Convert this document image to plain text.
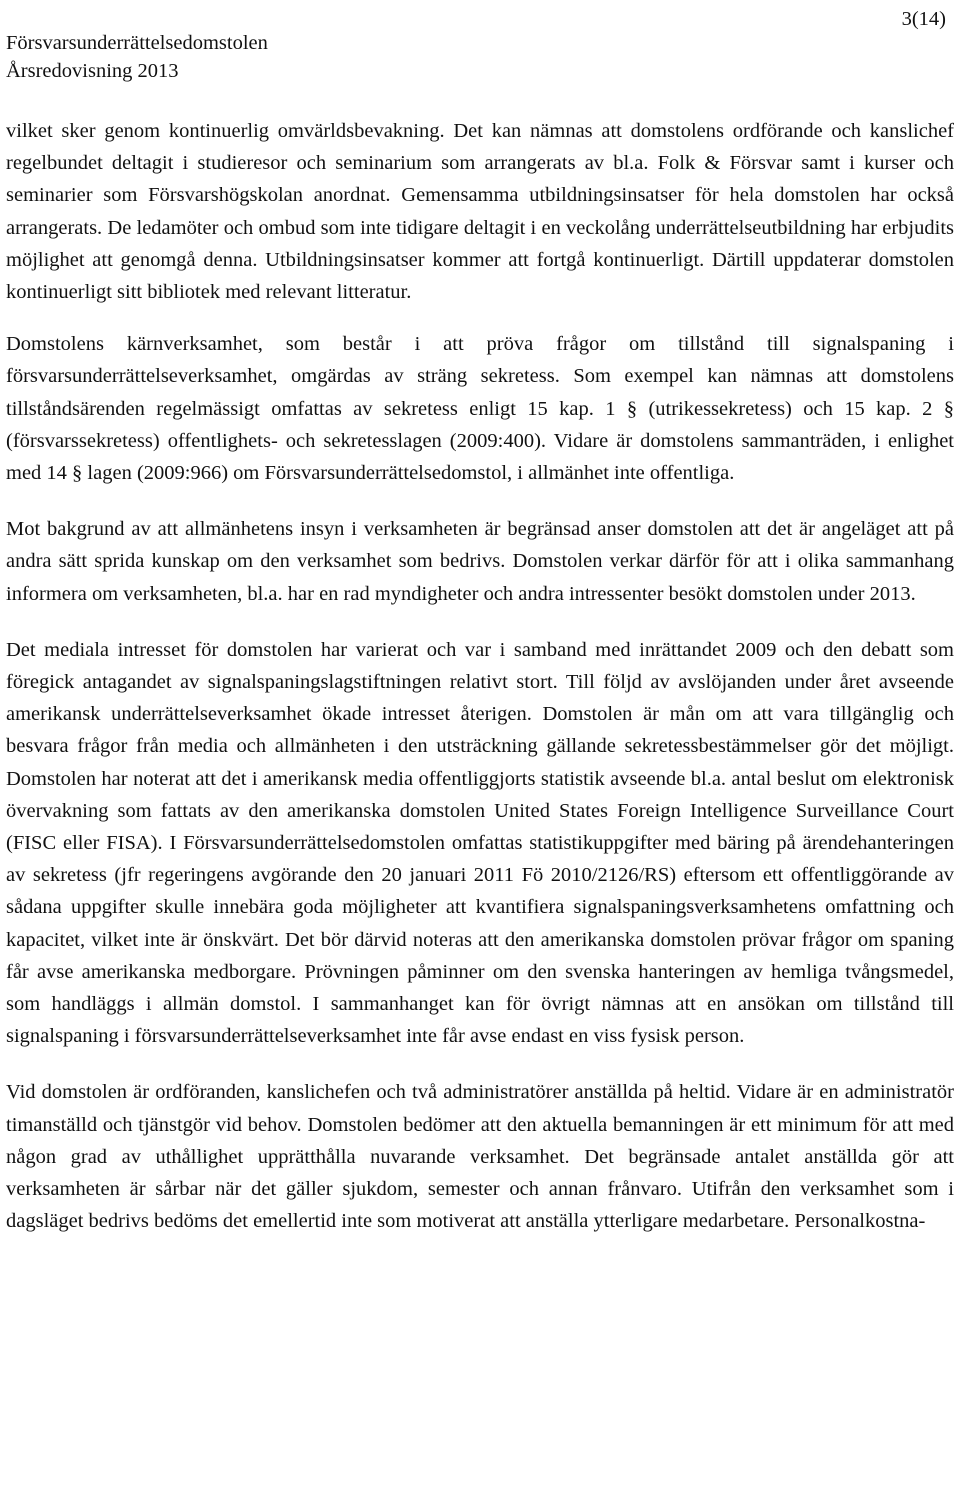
Försvarsunderrättelsedomstolen
Årsredovisning 2013
3(14)

vilket sker genom kontinuerlig omvärldsbevakning. Det kan nämnas att domstolens ordförande och kanslichef regelbundet deltagit i studieresor och seminarium som arrangerats av bl.a. Folk & Försvar samt i kurser och seminarier som Försvarshögskolan anordnat. Gemensamma utbildningsinsatser för hela domstolen har också arrangerats. De ledamöter och ombud som inte tidigare deltagit i en veckolång underrättelseutbildning har erbjudits möjlighet att genomgå denna. Utbildningsinsatser kommer att fortgå kontinuerligt. Därtill uppdaterar domstolen kontinuerligt sitt bibliotek med relevant litteratur.

Domstolens kärnverksamhet, som består i att pröva frågor om tillstånd till signalspaning i försvarsunderrättelseverksamhet, omgärdas av sträng sekretess. Som exempel kan nämnas att domstolens tillståndsärenden regelmässigt omfattas av sekretess enligt 15 kap. 1 § (utrikessekretess) och 15 kap. 2 § (försvarssekretess) offentlighets- och sekretesslagen (2009:400). Vidare är domstolens sammanträden, i enlighet med 14 § lagen (2009:966) om Försvarsunderrättelsedomstol, i allmänhet inte offentliga.

Mot bakgrund av att allmänhetens insyn i verksamheten är begränsad anser domstolen att det är angeläget att på andra sätt sprida kunskap om den verksamhet som bedrivs. Domstolen verkar därför för att i olika sammanhang informera om verksamheten, bl.a. har en rad myndigheter och andra intressenter besökt domstolen under 2013.

Det mediala intresset för domstolen har varierat och var i samband med inrättandet 2009 och den debatt som föregick antagandet av signalspaningslagstiftningen relativt stort. Till följd av avslöjanden under året avseende amerikansk underrättelseverksamhet ökade intresset återigen. Domstolen är mån om att vara tillgänglig och besvara frågor från media och allmänheten i den utsträckning gällande sekretessbestämmelser gör det möjligt. Domstolen har noterat att det i amerikansk media offentliggjorts statistik avseende bl.a. antal beslut om elektronisk övervakning som fattats av den amerikanska domstolen United States Foreign Intelligence Surveillance Court (FISC eller FISA). I Försvarsunderrättelsedomstolen omfattas statistikuppgifter med bäring på ärendehanteringen av sekretess (jfr regeringens avgörande den 20 januari 2011 Fö 2010/2126/RS) eftersom ett offentliggörande av sådana uppgifter skulle innebära goda möjligheter att kvantifiera signalspaningsverksamhetens omfattning och kapacitet, vilket inte är önskvärt. Det bör därvid noteras att den amerikanska domstolen prövar frågor om spaning får avse amerikanska medborgare. Prövningen påminner om den svenska hanteringen av hemliga tvångsmedel, som handläggs i allmän domstol. I sammanhanget kan för övrigt nämnas att en ansökan om tillstånd till signalspaning i försvarsunderrättelseverksamhet inte får avse endast en viss fysisk person.

Vid domstolen är ordföranden, kanslichefen och två administratörer anställda på heltid. Vidare är en administratör timanställd och tjänstgör vid behov. Domstolen bedömer att den aktuella bemanningen är ett minimum för att med någon grad av uthållighet upprätthålla nuvarande verksamhet. Det begränsade antalet anställda gör att verksamheten är sårbar när det gäller sjukdom, semester och annan frånvaro. Utifrån den verksamhet som i dagsläget bedrivs bedöms det emellertid inte som motiverat att anställa ytterligare medarbetare. Personalkostna-
